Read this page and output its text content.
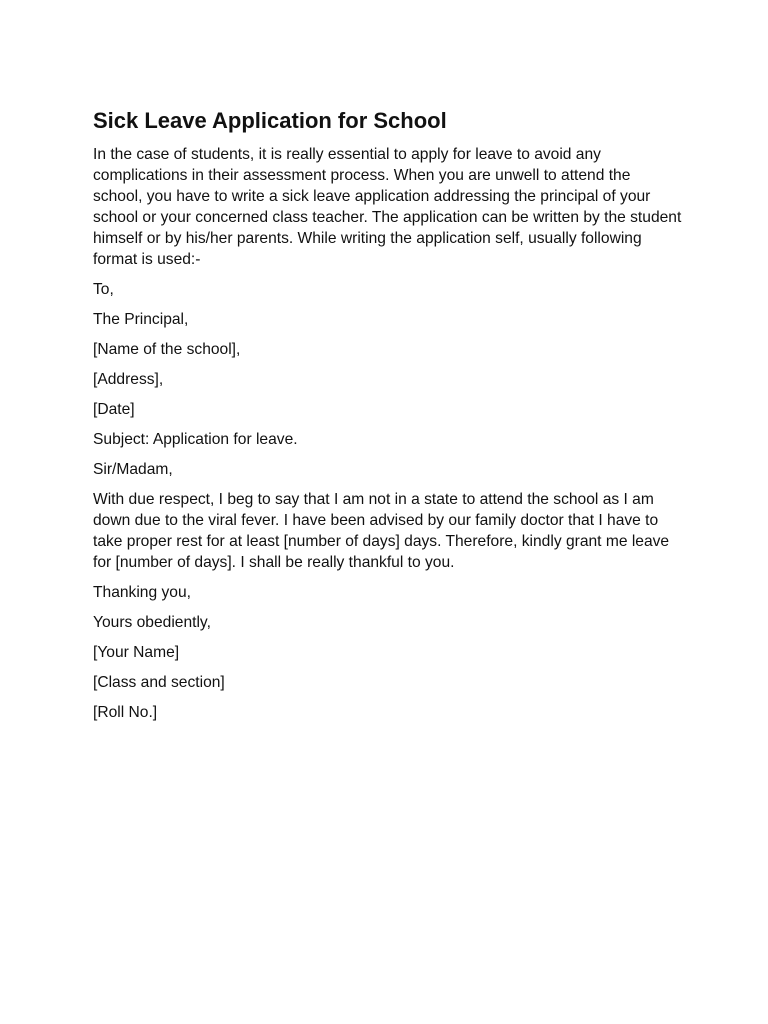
Sick Leave Application for School

In the case of students, it is really essential to apply for leave to avoid any complications in their assessment process. When you are unwell to attend the school, you have to write a sick leave application addressing the principal of your school or your concerned class teacher. The application can be written by the student himself or by his/her parents. While writing the application self, usually following format is used:-

To,

The Principal,

[Name of the school],

[Address],

[Date]

Subject: Application for leave.

Sir/Madam,

With due respect, I beg to say that I am not in a state to attend the school as I am down due to the viral fever. I have been advised by our family doctor that I have to take proper rest for at least [number of days] days. Therefore, kindly grant me leave for [number of days]. I shall be really thankful to you.

Thanking you,

Yours obediently,

[Your Name]

[Class and section]

[Roll No.]
